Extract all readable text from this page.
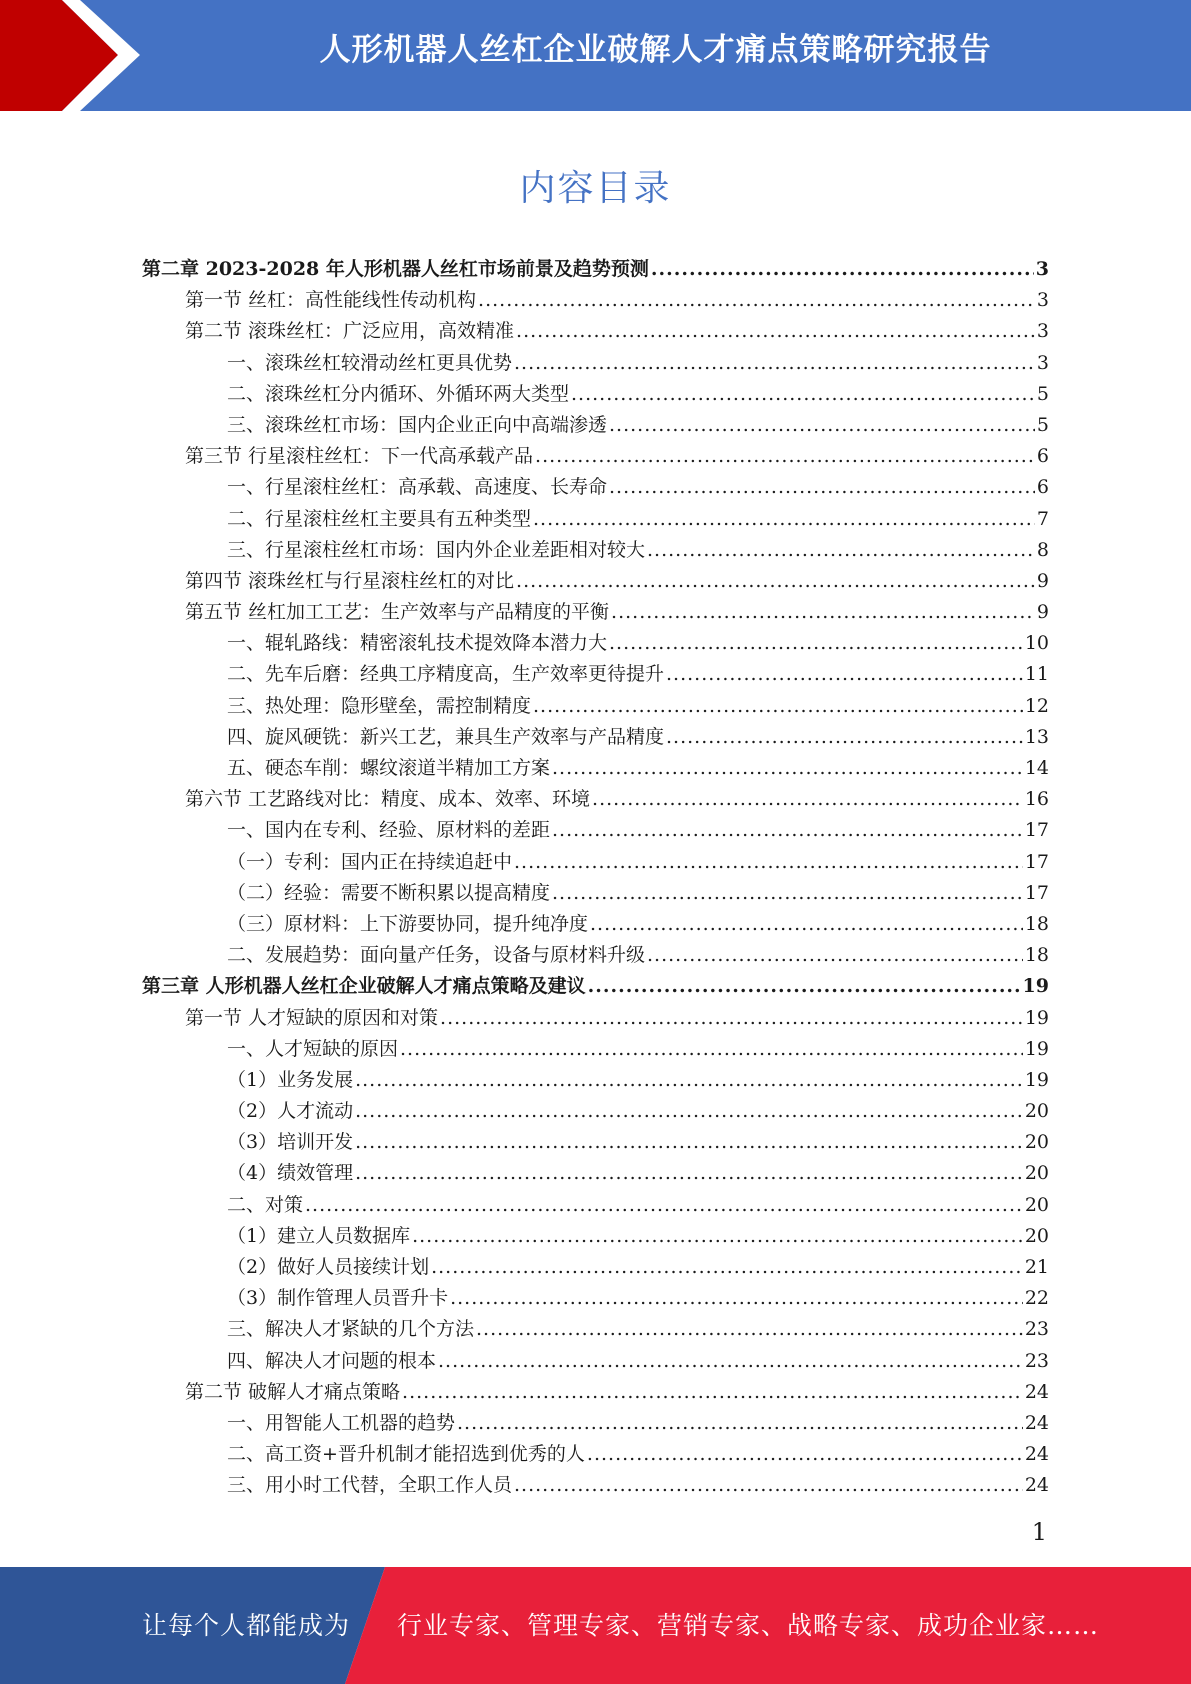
人形机器人丝杠企业破解人才痛点策略研究报告
内容目录
第二章 2023-2028 年人形机器人丝杠市场前景及趋势预测 .....	3
第一节 丝杠：高性能线性传动机构 .....	3
第二节 滚珠丝杠：广泛应用，高效精准 .....	3
一、滚珠丝杠较滑动丝杠更具优势 .....	3
二、滚珠丝杠分内循环、外循环两大类型 .....	5
三、滚珠丝杠市场：国内企业正向中高端渗透 .....	5
第三节 行星滚柱丝杠：下一代高承载产品 .....	6
一、行星滚柱丝杠：高承载、高速度、长寿命 .....	6
二、行星滚柱丝杠主要具有五种类型 .....	7
三、行星滚柱丝杠市场：国内外企业差距相对较大 .....	8
第四节 滚珠丝杠与行星滚柱丝杠的对比 .....	9
第五节 丝杠加工工艺：生产效率与产品精度的平衡 .....	9
一、辊轧路线：精密滚轧技术提效降本潜力大 .....	10
二、先车后磨：经典工序精度高，生产效率更待提升 .....	11
三、热处理：隐形壁垒，需控制精度 .....	12
四、旋风硬铣：新兴工艺，兼具生产效率与产品精度 .....	13
五、硬态车削：螺纹滚道半精加工方案 .....	14
第六节 工艺路线对比：精度、成本、效率、环境 .....	16
一、国内在专利、经验、原材料的差距 .....	17
（一）专利：国内正在持续追赶中 .....	17
（二）经验：需要不断积累以提高精度 .....	17
（三）原材料：上下游要协同，提升纯净度 .....	18
二、发展趋势：面向量产任务，设备与原材料升级 .....	18
第三章 人形机器人丝杠企业破解人才痛点策略及建议 .....	19
第一节 人才短缺的原因和对策 .....	19
一、人才短缺的原因 .....	19
（1）业务发展 .....	19
（2）人才流动 .....	20
（3）培训开发 .....	20
（4）绩效管理 .....	20
二、对策 .....	20
（1）建立人员数据库 .....	20
（2）做好人员接续计划 .....	21
（3）制作管理人员晋升卡 .....	22
三、解决人才紧缺的几个方法 .....	23
四、解决人才问题的根本 .....	23
第二节 破解人才痛点策略 .....	24
一、用智能人工机器的趋势 .....	24
二、高工资+晋升机制才能招选到优秀的人 .....	24
三、用小时工代替，全职工作人员 .....	24
1
让每个人都能成为 行业专家、管理专家、营销专家、战略专家、成功企业家……
